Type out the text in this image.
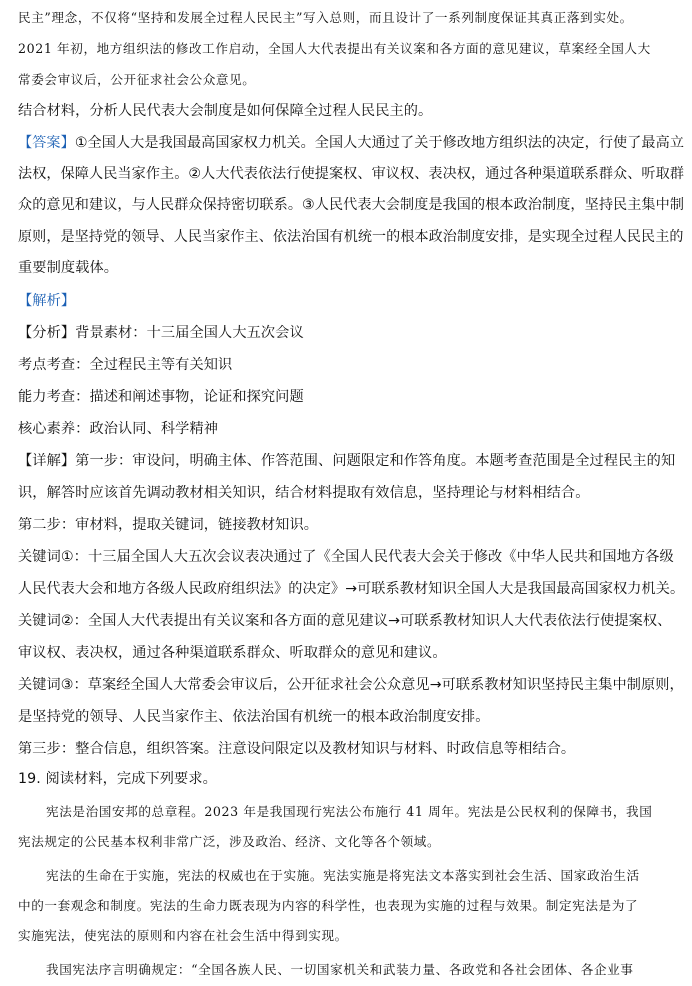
民主”理念，不仅将“坚持和发展全过程人民民主”写入总则，而且设计了一系列制度保证其真正落到实处。
2021 年初，地方组织法的修改工作启动，全国人大代表提出有关议案和各方面的意见建议，草案经全国人大
常委会审议后，公开征求社会公众意见。
结合材料，分析人民代表大会制度是如何保障全过程人民民主的。
【答案】①全国人大是我国最高国家权力机关。全国人大通过了关于修改地方组织法的决定，行使了最高立
法权，保障人民当家作主。②人大代表依法行使提案权、审议权、表决权，通过各种渠道联系群众、听取群
众的意见和建议，与人民群众保持密切联系。③人民代表大会制度是我国的根本政治制度，坚持民主集中制
原则，是坚持党的领导、人民当家作主、依法治国有机统一的根本政治制度安排，是实现全过程人民民主的
重要制度载体。
【解析】
【分析】背景素材：十三届全国人大五次会议
考点考查：全过程民主等有关知识
能力考查：描述和阐述事物，论证和探究问题
核心素养：政治认同、科学精神
【详解】第一步：审设问，明确主体、作答范围、问题限定和作答角度。本题考查范围是全过程民主的知
识，解答时应该首先调动教材相关知识，结合材料提取有效信息，坚持理论与材料相结合。
第二步：审材料，提取关键词，链接教材知识。
关键词①：十三届全国人大五次会议表决通过了《全国人民代表大会关于修改《中华人民共和国地方各级
人民代表大会和地方各级人民政府组织法》的决定》→可联系教材知识全国人大是我国最高国家权力机关。
关键词②：全国人大代表提出有关议案和各方面的意见建议→可联系教材知识人大代表依法行使提案权、
审议权、表决权，通过各种渠道联系群众、听取群众的意见和建议。
关键词③：草案经全国人大常委会审议后，公开征求社会公众意见→可联系教材知识坚持民主集中制原则，
是坚持党的领导、人民当家作主、依法治国有机统一的根本政治制度安排。
第三步：整合信息，组织答案。注意设问限定以及教材知识与材料、时政信息等相结合。
19. 阅读材料，完成下列要求。
宪法是治国安邦的总章程。2023 年是我国现行宪法公布施行 41 周年。宪法是公民权利的保障书，我国
宪法规定的公民基本权利非常广泛，涉及政治、经济、文化等各个领域。
宪法的生命在于实施，宪法的权威也在于实施。宪法实施是将宪法文本落实到社会生活、国家政治生活
中的一套观念和制度。宪法的生命力既表现为内容的科学性，也表现为实施的过程与效果。制定宪法是为了
实施宪法，使宪法的原则和内容在社会生活中得到实现。
我国宪法序言明确规定：“全国各族人民、一切国家机关和武装力量、各政党和各社会团体、各企业事
